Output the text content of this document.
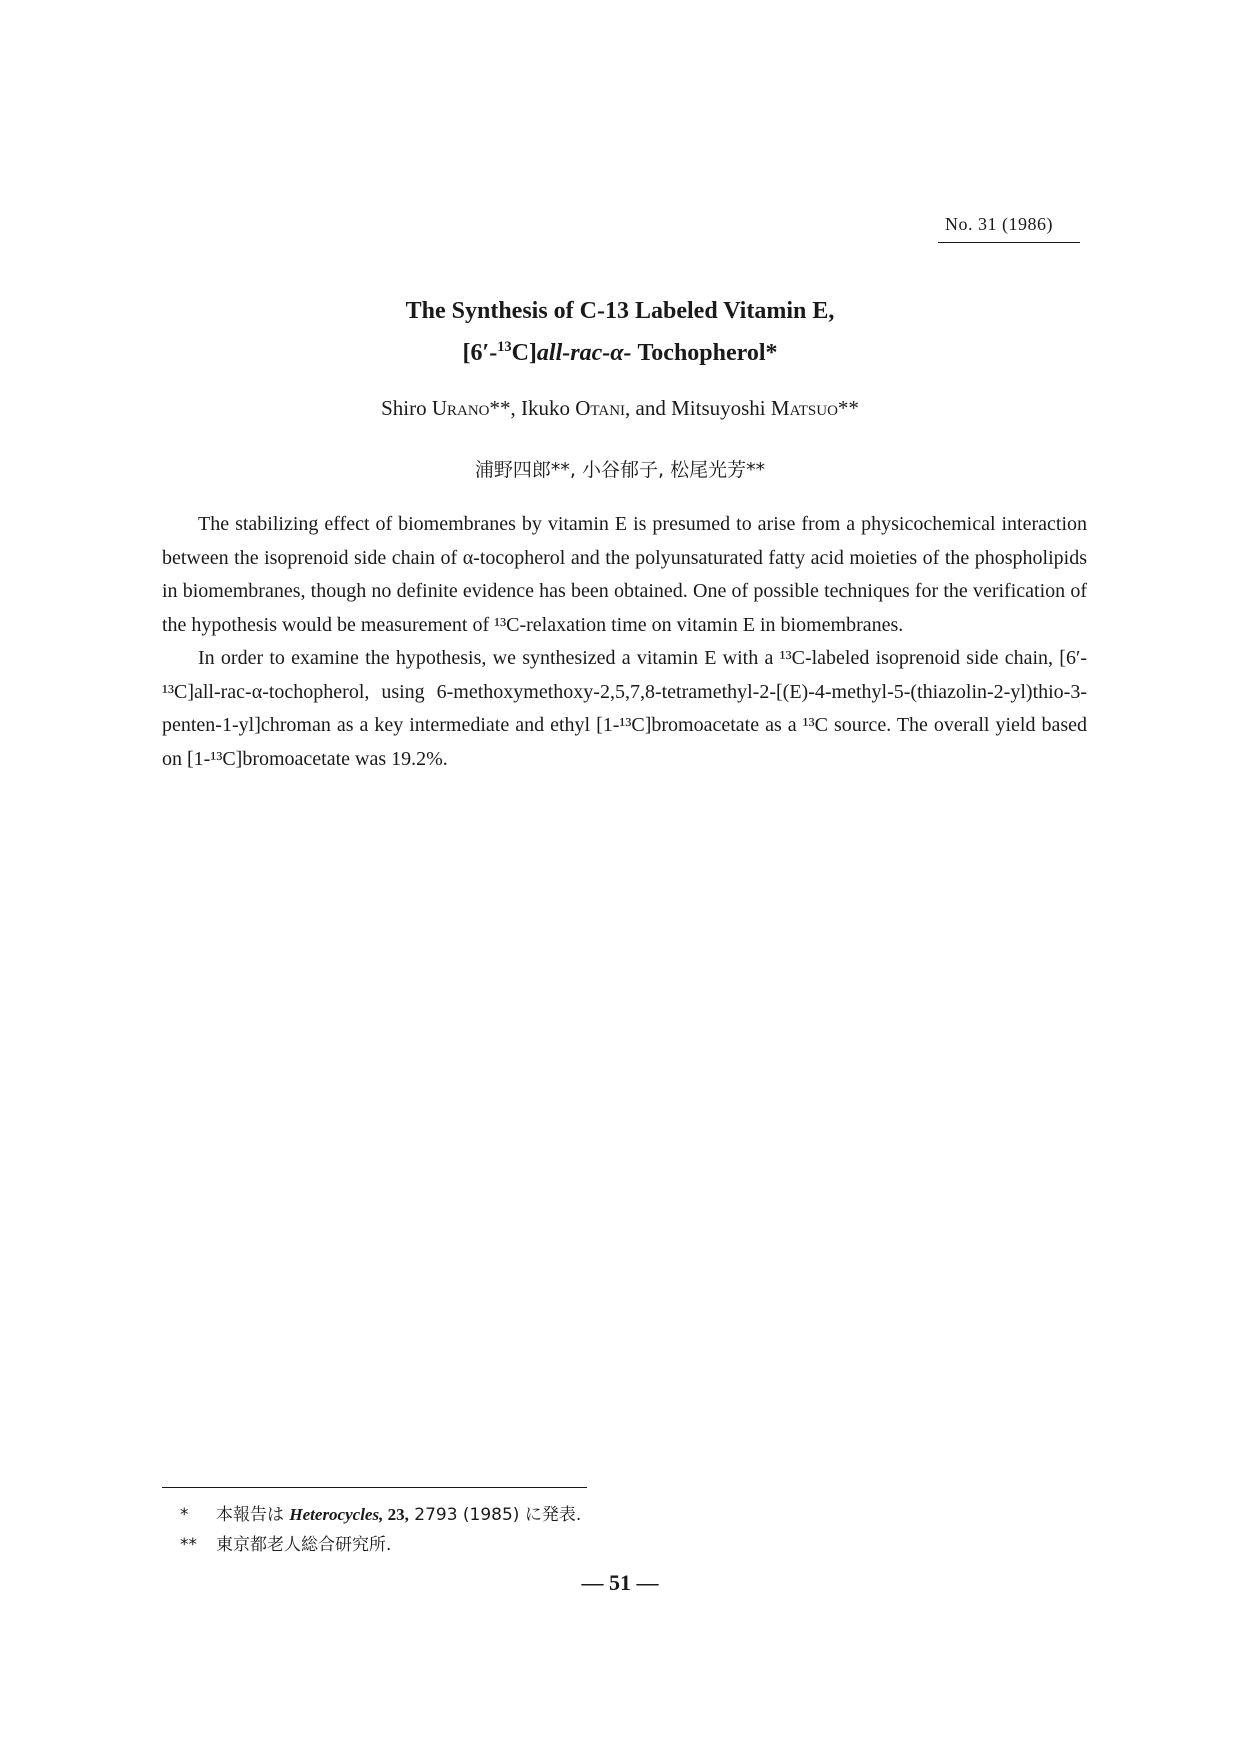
No. 31 (1986)
The Synthesis of C-13 Labeled Vitamin E,
[6′-$^{13}$C]all-rac-α- Tochopherol*
Shiro Urano**, Ikuko Otani, and Mitsuyoshi Matsuo**
浦野四郎**, 小谷郁子, 松尾光芳**

The stabilizing effect of biomembranes by vitamin E is presumed to arise from a physicochemical interaction between the isoprenoid side chain of α-tocopherol and the polyunsaturated fatty acid moieties of the phospholipids in biomembranes, though no definite evidence has been obtained. One of possible techniques for the verification of the hypothesis would be measurement of ¹³C-relaxation time on vitamin E in biomembranes.

In order to examine the hypothesis, we synthesized a vitamin E with a ¹³C-labeled isoprenoid side chain, [6′-¹³C]all-rac-α-tochopherol, using 6-methoxymethoxy-2,5,7,8-tetramethyl-2-[(E)-4-methyl-5-(thiazolin-2-yl)thio-3-penten-1-yl]chroman as a key intermediate and ethyl [1-¹³C]bromoacetate as a ¹³C source. The overall yield based on [1-¹³C]bromoacetate was 19.2%.

*	本報告は Heterocycles, 23, 2793 (1985) に発表.
**	東京都老人総合研究所.
— 51 —
